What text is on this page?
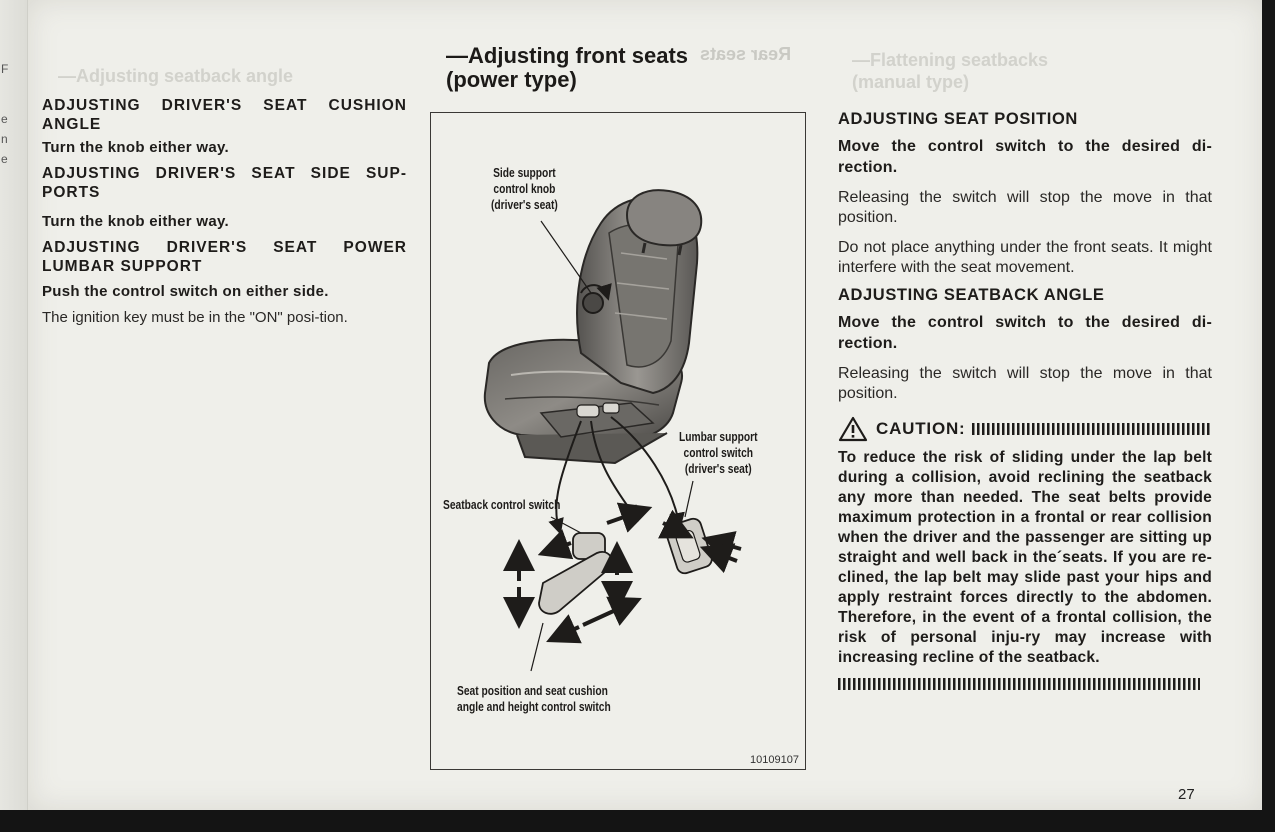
F
e
n
e
—Adjusting seatback angle
Rear seats	—Flattening seatbacks
(manual type)
ADJUSTING DRIVER'S SEAT CUSHION ANGLE
Turn the knob either way.
ADJUSTING DRIVER'S SEAT SIDE SUP-PORTS
Turn the knob either way.
ADJUSTING DRIVER'S SEAT POWER LUMBAR SUPPORT
Push the control switch on either side.
The ignition key must be in the "ON" posi-tion.
—Adjusting front seats
(power type)
Side support
control knob
(driver's seat)
Lumbar support
control switch
(driver's seat)
Seatback control switch
Seat position and seat cushion
angle and height control switch
10109107
ADJUSTING SEAT POSITION
Move the control switch to the desired di-rection.
Releasing the switch will stop the move in that position.
Do not place anything under the front seats. It might interfere with the seat movement.
ADJUSTING SEATBACK ANGLE
Move the control switch to the desired di-rection.
Releasing the switch will stop the move in that position.
CAUTION:
To reduce the risk of sliding under the lap belt during a collision, avoid reclining the seatback any more than needed. The seat belts provide maximum protection in a frontal or rear collision when the driver and the passenger are sitting up straight and well back in the´seats. If you are re-clined, the lap belt may slide past your hips and apply restraint forces directly to the abdomen. Therefore, in the event of a frontal collision, the risk of personal inju-ry may increase with increasing recline of the seatback.
27
